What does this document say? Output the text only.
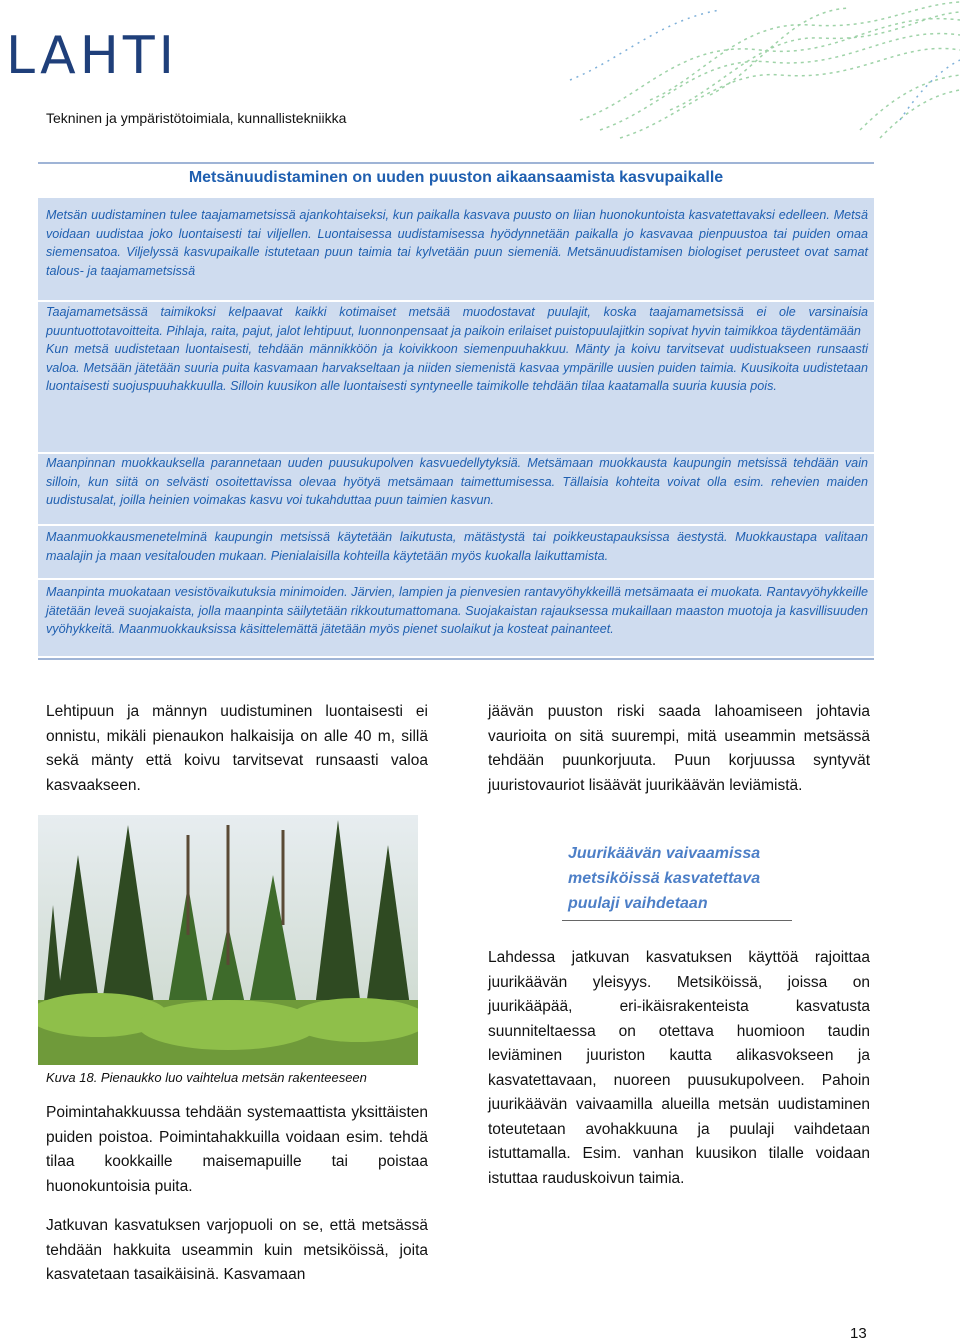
LAHTI
Tekninen ja ympäristötoimiala, kunnallistekniikka
Metsänuudistaminen on uuden puuston aikaansaamista kasvupaikalle
Metsän uudistaminen tulee taajamametsissä ajankohtaiseksi, kun paikalla kasvava puusto on liian huonokuntoista kasvatettavaksi edelleen. Metsä voidaan uudistaa joko luontaisesti tai viljellen. Luontaisessa uudistamisessa hyödynnetään paikalla jo kasvavaa pienpuustoa tai puiden omaa siemensatoa. Viljelyssä kasvupaikalle istutetaan puun taimia tai kylvetään puun siemeniä. Metsänuudistamisen biologiset perusteet ovat samat talous- ja taajamametsissä
Taajamametsässä taimikoksi kelpaavat kaikki kotimaiset metsää muodostavat puulajit, koska taajamametsissä ei ole varsinaisia puuntuottotavoitteita. Pihlaja, raita, pajut, jalot lehtipuut, luonnonpensaat ja paikoin erilaiset puistopuulajitkin sopivat hyvin taimikkoa täydentämään
Kun metsä uudistetaan luontaisesti, tehdään männikköön ja koivikkoon siemenpuuhakkuu. Mänty ja koivu tarvitsevat uudistuakseen runsaasti valoa. Metsään jätetään suuria puita kasvamaan harvakseltaan ja niiden siemenistä kasvaa ympärille uusien puiden taimia. Kuusikoita uudistetaan luontaisesti suojuspuuhakkuulla. Silloin kuusikon alle luontaisesti syntyneelle taimikolle tehdään tilaa kaatamalla suuria kuusia pois.
Maanpinnan muokkauksella parannetaan uuden puusukupolven kasvuedellytyksiä. Metsämaan muokkausta kaupungin metsissä tehdään vain silloin, kun siitä on selvästi osoitettavissa olevaa hyötyä metsämaan taimettumisessa. Tällaisia kohteita voivat olla esim. rehevien maiden uudistusalat, joilla heinien voimakas kasvu voi tukahduttaa puun taimien kasvun.
Maanmuokkausmenetelminä kaupungin metsissä käytetään laikutusta, mätästystä tai poikkeustapauksissa äestystä. Muokkaustapa valitaan maalajin ja maan vesitalouden mukaan. Pienialaisilla kohteilla käytetään myös kuokalla laikuttamista.
Maanpinta muokataan vesistövaikutuksia minimoiden. Järvien, lampien ja pienvesien rantavyöhykkeillä metsämaata ei muokata. Rantavyöhykkeille jätetään leveä suojakaista, jolla maanpinta säilytetään rikkoutumattomana. Suojakaistan rajauksessa mukaillaan maaston muotoja ja kasvillisuuden vyöhykkeitä. Maanmuokkauksissa käsittelemättä jätetään myös pienet suolaikut ja kosteat painanteet.
Lehtipuun ja männyn uudistuminen luontaisesti ei onnistu, mikäli pienaukon halkaisija on alle 40 m, sillä sekä mänty että koivu tarvitsevat runsaasti valoa kasvaakseen.
Kuva 18. Pienaukko luo vaihtelua metsän rakenteeseen
Poimintahakkuussa tehdään systemaattista yksittäisten puiden poistoa. Poimintahakkuilla voidaan esim. tehdä tilaa kookkaille maisemapuille tai poistaa huonokuntoisia puita.
Jatkuvan kasvatuksen varjopuoli on se, että metsässä tehdään hakkuita useammin kuin metsiköissä, joita kasvatetaan tasaikäisinä. Kasvamaan
jäävän puuston riski saada lahoamiseen johtavia vaurioita on sitä suurempi, mitä useammin metsässä tehdään puunkorjuuta. Puun korjuussa syntyvät juuristovauriot lisäävät juurikäävän leviämistä.
Juurikäävän vaivaamissa
metsiköissä kasvatettava
puulaji vaihdetaan
Lahdessa jatkuvan kasvatuksen käyttöä rajoittaa juurikäävän yleisyys. Metsiköissä, joissa on juurikääpää, eri-ikäisrakenteista kasvatusta suunniteltaessa on otettava huomioon taudin leviäminen juuriston kautta alikasvokseen ja kasvatettavaan, nuoreen puusukupolveen. Pahoin juurikäävän vaivaamilla alueilla metsän uudistaminen toteutetaan avohakkuuna ja puulaji vaihdetaan istuttamalla. Esim. vanhan kuusikon tilalle voidaan istuttaa rauduskoivun taimia.
13
